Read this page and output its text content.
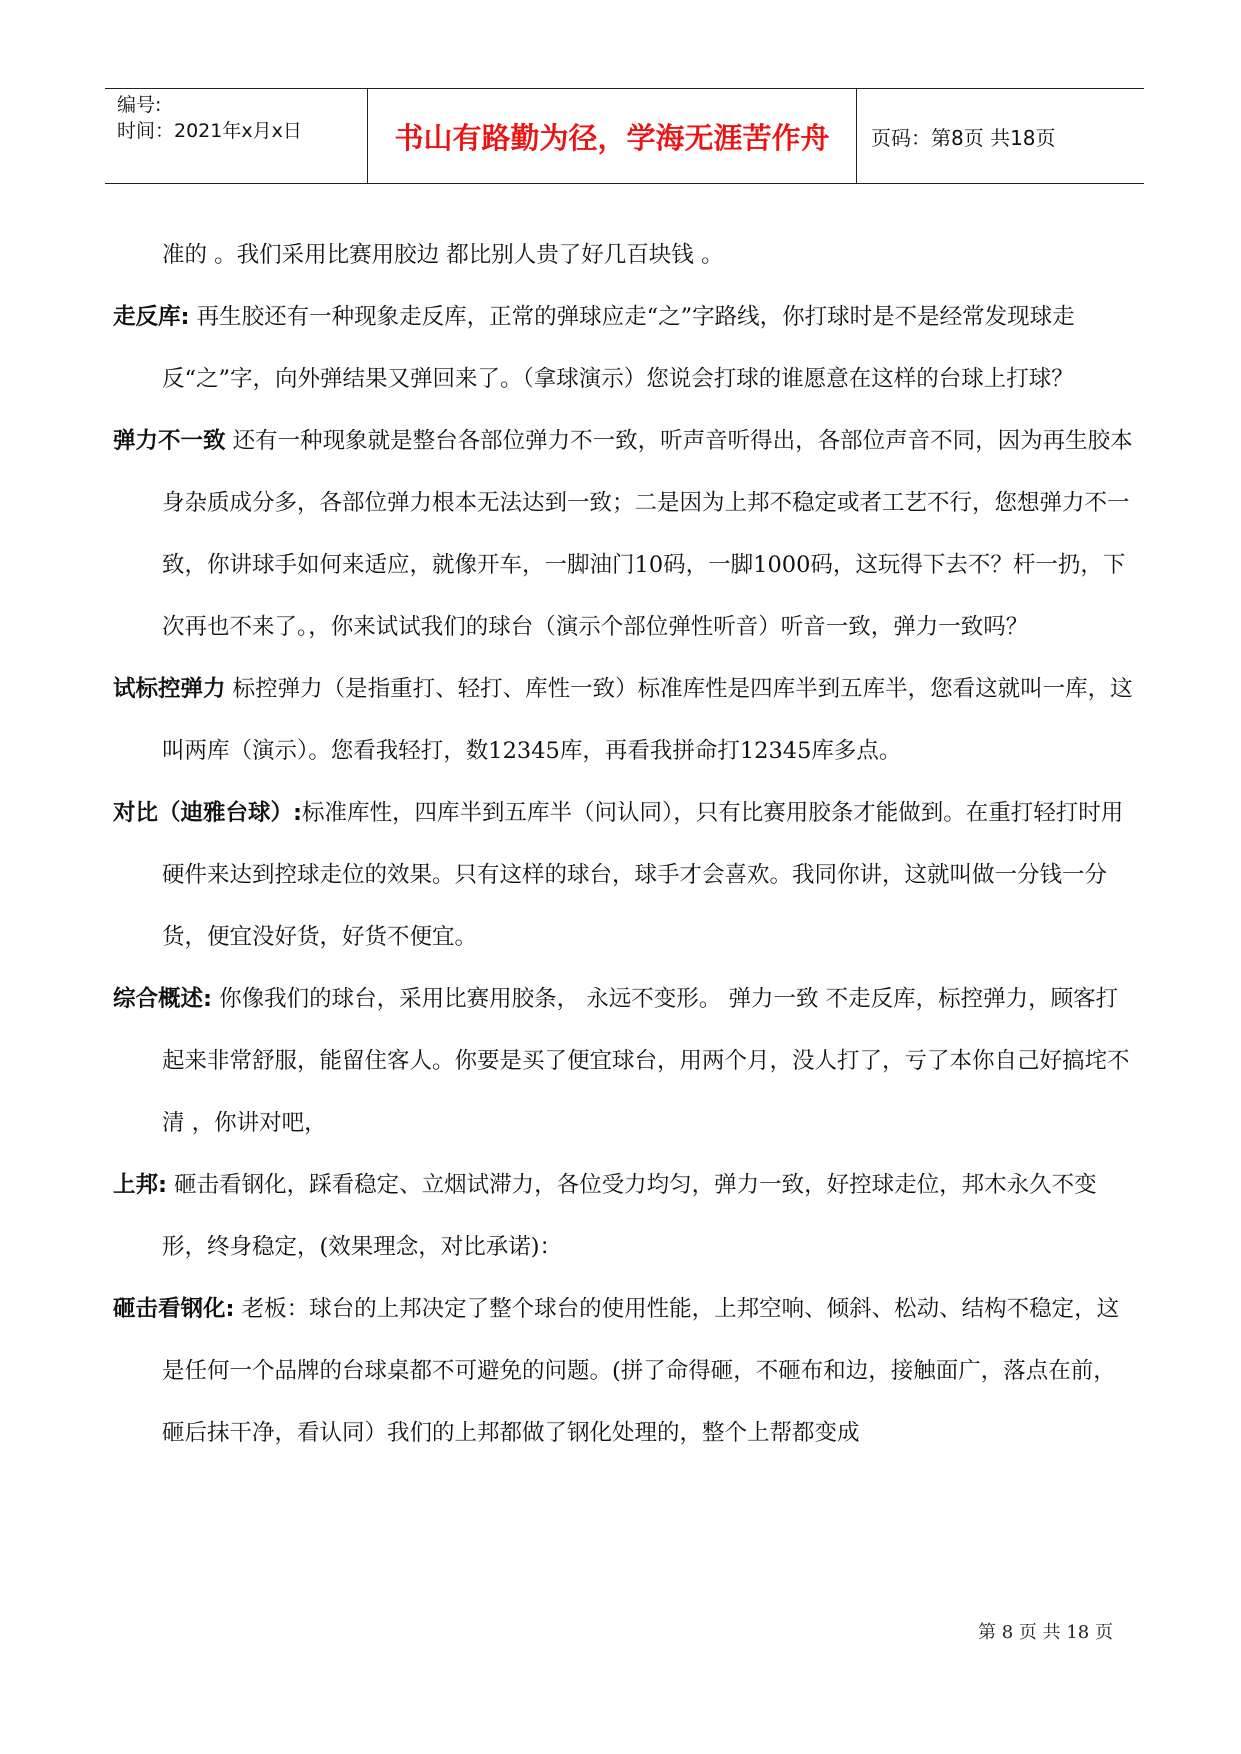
编号:
时间：2021年x月x日	书山有路勤为径，学海无涯苦作舟 页码：第8页 共18页

准的 。我们采用比赛用胶边 都比别人贵了好几百块钱 。

走反库: 再生胶还有一种现象走反库，正常的弹球应走“之”字路线，你打球时是不是经常发现球走反“之”字，向外弹结果又弹回来了。（拿球演示）您说会打球的谁愿意在这样的台球上打球？

弹力不一致 还有一种现象就是整台各部位弹力不一致，听声音听得出，各部位声音不同，因为再生胶本身杂质成分多，各部位弹力根本无法达到一致；二是因为上邦不稳定或者工艺不行，您想弹力不一致，你讲球手如何来适应，就像开车，一脚油门10码，一脚1000码，这玩得下去不？杆一扔，下次再也不来了。，你来试试我们的球台（演示个部位弹性听音）听音一致，弹力一致吗？

试标控弹力 标控弹力（是指重打、轻打、库性一致）标准库性是四库半到五库半，您看这就叫一库，这叫两库（演示）。您看我轻打，数12345库，再看我拼命打12345库多点。

对比（迪雅台球）:标准库性，四库半到五库半（问认同），只有比赛用胶条才能做到。在重打轻打时用硬件来达到控球走位的效果。只有这样的球台，球手才会喜欢。我同你讲，这就叫做一分钱一分货，便宜没好货，好货不便宜。

综合概述: 你像我们的球台，采用比赛用胶条， 永远不变形。 弹力一致 不走反库，标控弹力，顾客打起来非常舒服，能留住客人。你要是买了便宜球台，用两个月，没人打了，亏了本你自己好搞垞不清 ，你讲对吧，

上邦: 砸击看钢化，踩看稳定、立烟试滞力，各位受力均匀，弹力一致，好控球走位，邦木永久不变形，终身稳定，(效果理念，对比承诺)：

砸击看钢化: 老板：球台的上邦决定了整个球台的使用性能，上邦空响、倾斜、松动、结构不稳定，这是任何一个品牌的台球桌都不可避免的问题。(拼了命得砸，不砸布和边，接触面广，落点在前，砸后抹干净，看认同）我们的上邦都做了钢化处理的，整个上帮都变成

第 8 页 共 18 页
